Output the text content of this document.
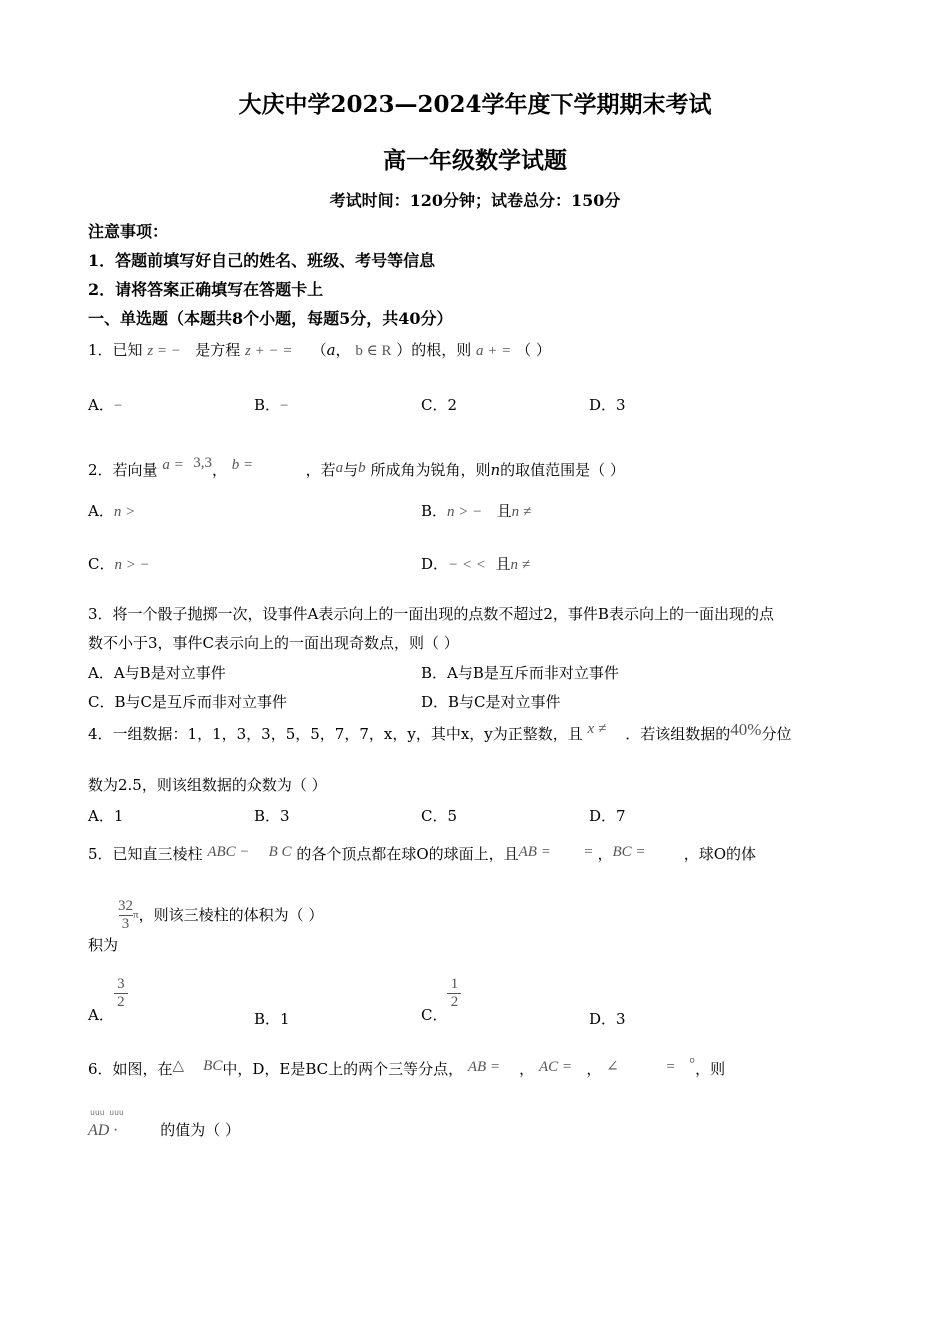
大庆中学2023—2024学年度下学期期末考试
高一年级数学试题
考试时间：120分钟；试卷总分：150分
注意事项：
1．答题前填写好自己的姓名、班级、考号等信息
2．请将答案正确填写在答题卡上
一、单选题（本题共8个小题，每题5分，共40分）
1．已知 z = − 是方程 z + − = （a， b ∈ R ）的根，则 a + = （ ）
A．−	B．−	C．2	D．3
2．若向量 a = 3,3， b =	，若a与b 所成角为锐角，则n的取值范围是（ ）
A．n >	B．n > − 且n ≠
C．n > −	D．− < < 且n ≠
3．将一个骰子抛掷一次，设事件A表示向上的一面出现的点数不超过2，事件B表示向上的一面出现的点
数不小于3，事件C表示向上的一面出现奇数点，则（ ）
A．A与B是对立事件	B．A与B是互斥而非对立事件
C．B与C是互斥而非对立事件	D．B与C是对立事件
4．一组数据：1，1，3，3，5，5，7，7，x，y，其中x，y为正整数，且 x ≠ ．若该组数据的40%分位
数为2.5，则该组数据的众数为（ ）
A．1	B．3	C．5	D．7
5．已知直三棱柱 ABC − B C 的各个顶点都在球O的球面上，且AB = = ，BC =	，球O的体
积为
$\frac{32}{3}$ π，则该三棱柱的体积为（ ）
A．
$\frac{3}{2}$
B．1	C．
$\frac{1}{2}$
D．3
6．如图，在△ BC中，D，E是BC上的两个三等分点， AB = ， AC = ， ∠	= °，则
uuu uuu
AD ·	的值为（ ）
